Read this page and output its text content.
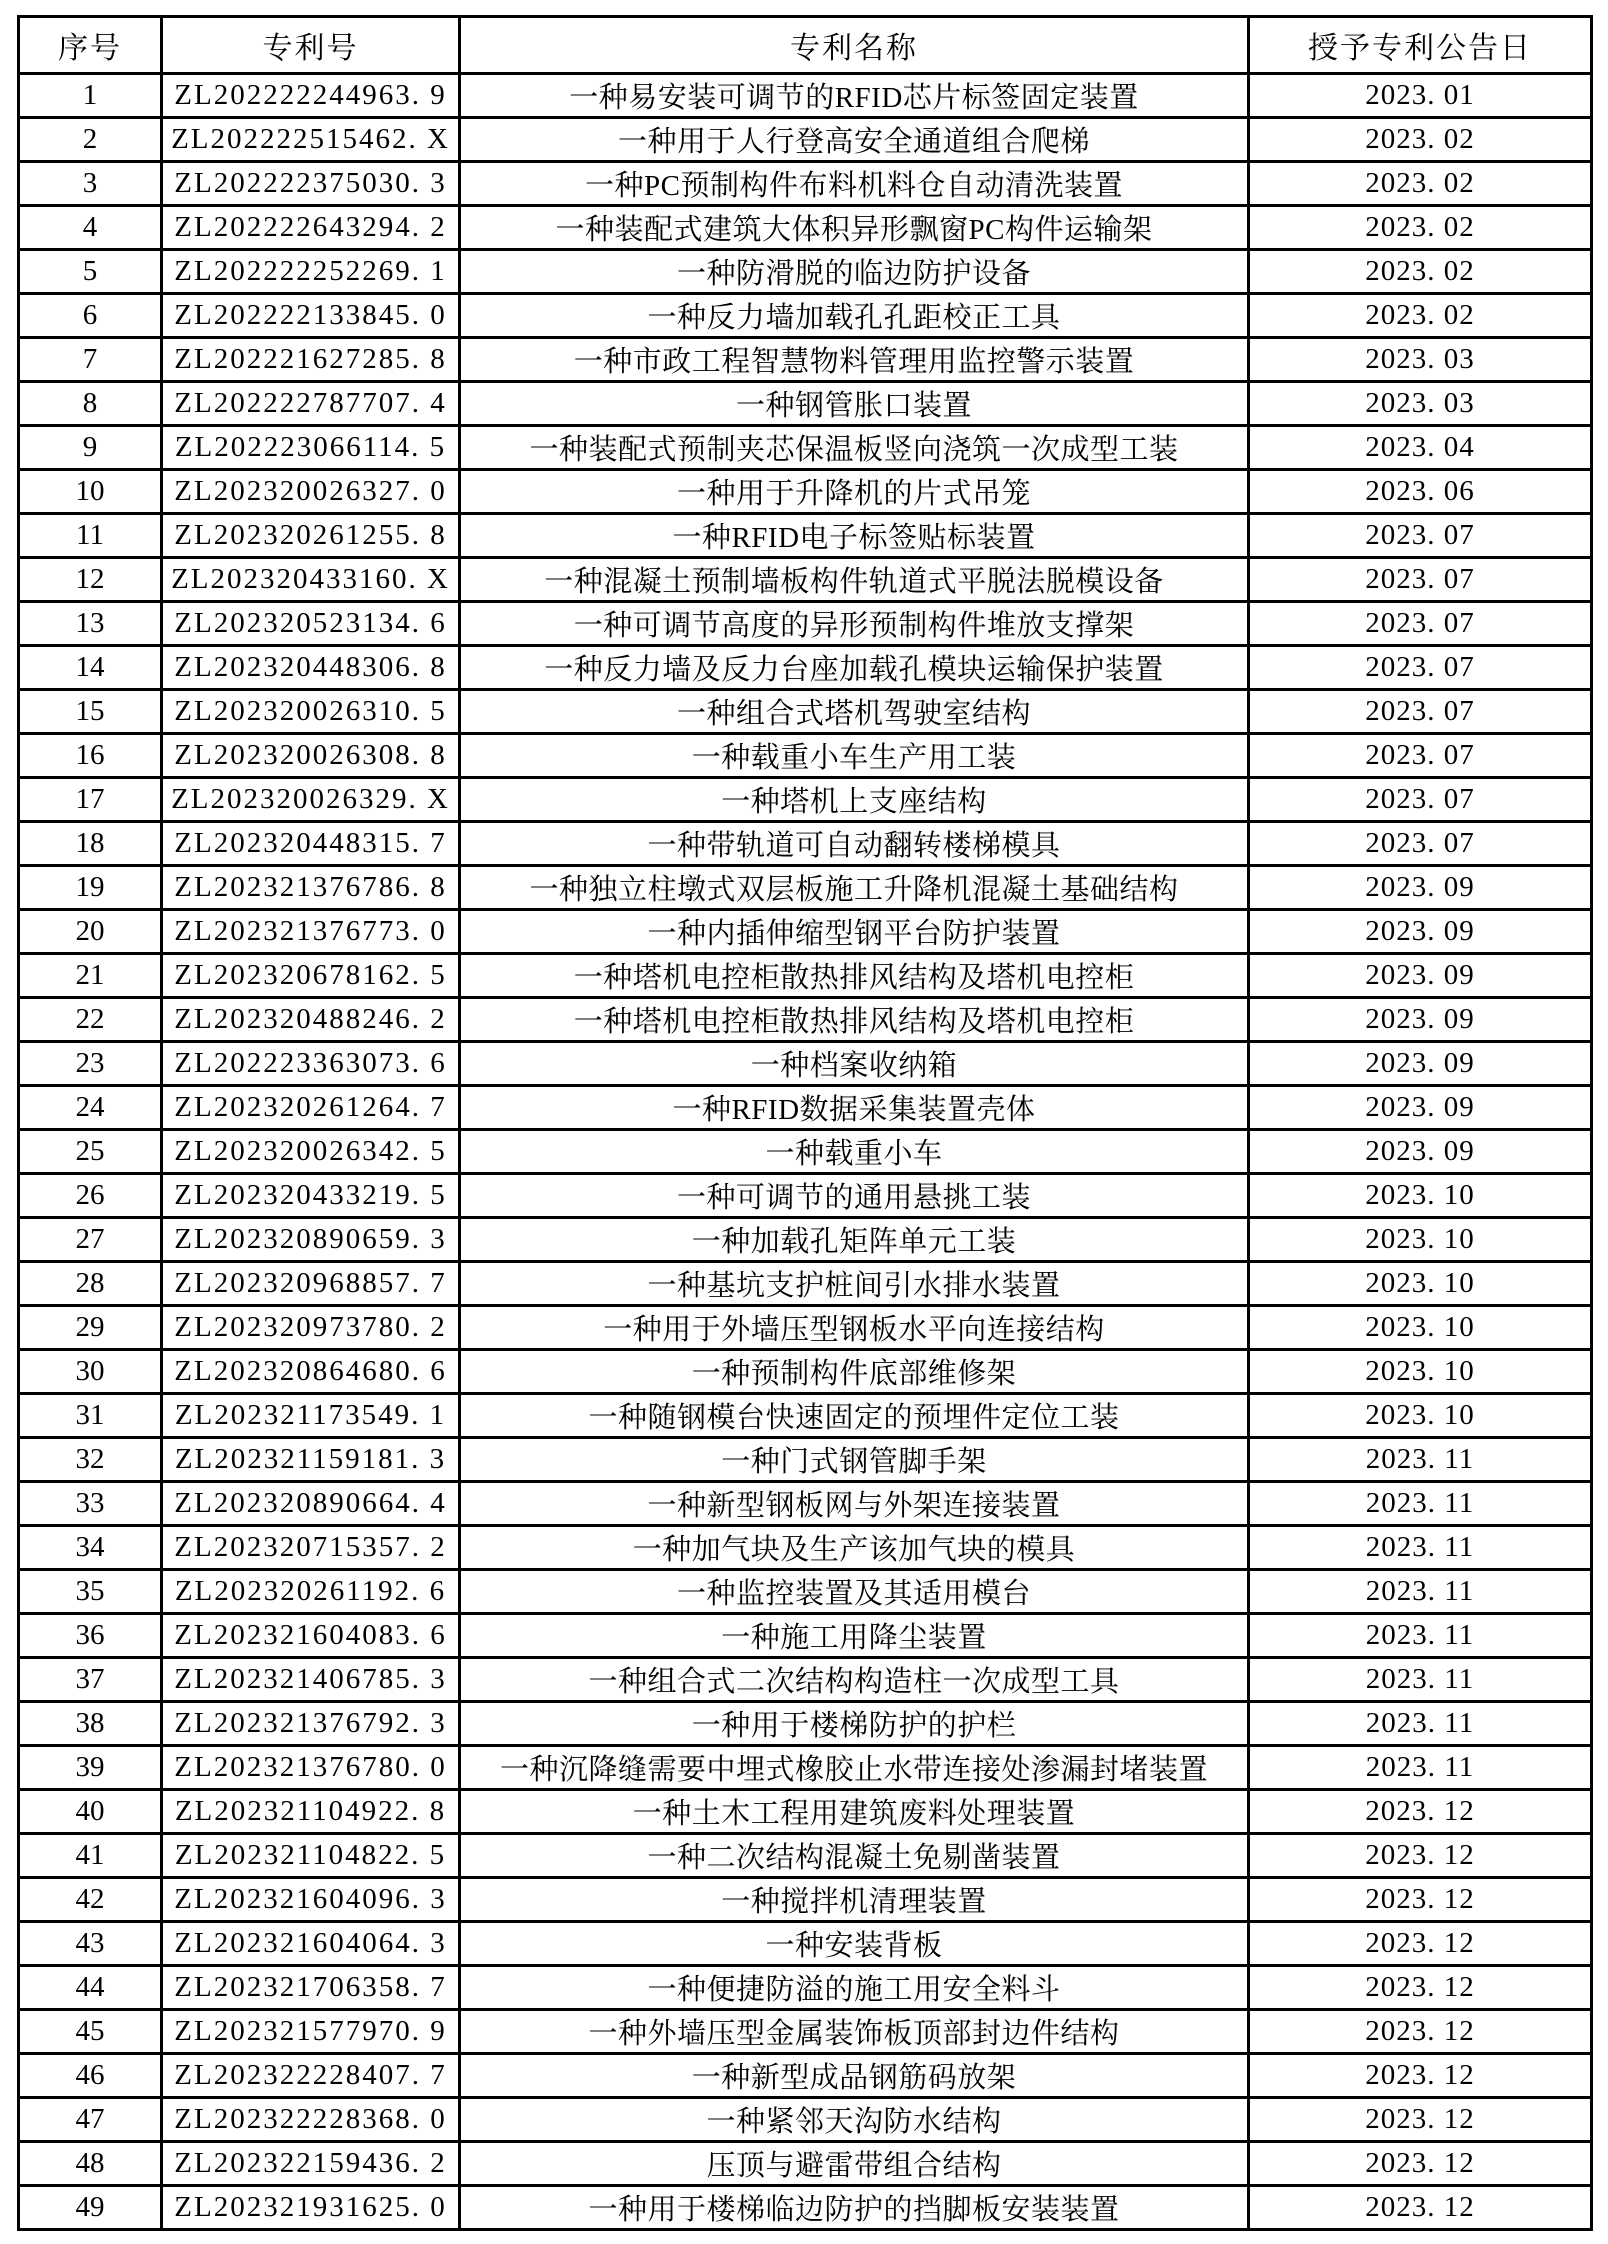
序号	专利号	专利名称	授予专利公告日
1	ZL202222244963. 9	一种易安装可调节的RFID芯片标签固定装置	2023. 01
2	ZL202222515462. X	一种用于人行登高安全通道组合爬梯	2023. 02
3	ZL202222375030. 3	一种PC预制构件布料机料仓自动清洗装置	2023. 02
4	ZL202222643294. 2	一种装配式建筑大体积异形飘窗PC构件运输架	2023. 02
5	ZL202222252269. 1	一种防滑脱的临边防护设备	2023. 02
6	ZL202222133845. 0	一种反力墙加载孔孔距校正工具	2023. 02
7	ZL202221627285. 8	一种市政工程智慧物料管理用监控警示装置	2023. 03
8	ZL202222787707. 4	一种钢管胀口装置	2023. 03
9	ZL202223066114. 5	一种装配式预制夹芯保温板竖向浇筑一次成型工装	2023. 04
10	ZL202320026327. 0	一种用于升降机的片式吊笼	2023. 06
11	ZL202320261255. 8	一种RFID电子标签贴标装置	2023. 07
12	ZL202320433160. X	一种混凝土预制墙板构件轨道式平脱法脱模设备	2023. 07
13	ZL202320523134. 6	一种可调节高度的异形预制构件堆放支撑架	2023. 07
14	ZL202320448306. 8	一种反力墙及反力台座加载孔模块运输保护装置	2023. 07
15	ZL202320026310. 5	一种组合式塔机驾驶室结构	2023. 07
16	ZL202320026308. 8	一种载重小车生产用工装	2023. 07
17	ZL202320026329. X	一种塔机上支座结构	2023. 07
18	ZL202320448315. 7	一种带轨道可自动翻转楼梯模具	2023. 07
19	ZL202321376786. 8	一种独立柱墩式双层板施工升降机混凝土基础结构	2023. 09
20	ZL202321376773. 0	一种内插伸缩型钢平台防护装置	2023. 09
21	ZL202320678162. 5	一种塔机电控柜散热排风结构及塔机电控柜	2023. 09
22	ZL202320488246. 2	一种塔机电控柜散热排风结构及塔机电控柜	2023. 09
23	ZL202223363073. 6	一种档案收纳箱	2023. 09
24	ZL202320261264. 7	一种RFID数据采集装置壳体	2023. 09
25	ZL202320026342. 5	一种载重小车	2023. 09
26	ZL202320433219. 5	一种可调节的通用悬挑工装	2023. 10
27	ZL202320890659. 3	一种加载孔矩阵单元工装	2023. 10
28	ZL202320968857. 7	一种基坑支护桩间引水排水装置	2023. 10
29	ZL202320973780. 2	一种用于外墙压型钢板水平向连接结构	2023. 10
30	ZL202320864680. 6	一种预制构件底部维修架	2023. 10
31	ZL202321173549. 1	一种随钢模台快速固定的预埋件定位工装	2023. 10
32	ZL202321159181. 3	一种门式钢管脚手架	2023. 11
33	ZL202320890664. 4	一种新型钢板网与外架连接装置	2023. 11
34	ZL202320715357. 2	一种加气块及生产该加气块的模具	2023. 11
35	ZL202320261192. 6	一种监控装置及其适用模台	2023. 11
36	ZL202321604083. 6	一种施工用降尘装置	2023. 11
37	ZL202321406785. 3	一种组合式二次结构构造柱一次成型工具	2023. 11
38	ZL202321376792. 3	一种用于楼梯防护的护栏	2023. 11
39	ZL202321376780. 0	一种沉降缝需要中埋式橡胶止水带连接处渗漏封堵装置	2023. 11
40	ZL202321104922. 8	一种土木工程用建筑废料处理装置	2023. 12
41	ZL202321104822. 5	一种二次结构混凝土免剔凿装置	2023. 12
42	ZL202321604096. 3	一种搅拌机清理装置	2023. 12
43	ZL202321604064. 3	一种安装背板	2023. 12
44	ZL202321706358. 7	一种便捷防溢的施工用安全料斗	2023. 12
45	ZL202321577970. 9	一种外墙压型金属装饰板顶部封边件结构	2023. 12
46	ZL202322228407. 7	一种新型成品钢筋码放架	2023. 12
47	ZL202322228368. 0	一种紧邻天沟防水结构	2023. 12
48	ZL202322159436. 2	压顶与避雷带组合结构	2023. 12
49	ZL202321931625. 0	一种用于楼梯临边防护的挡脚板安装装置	2023. 12
